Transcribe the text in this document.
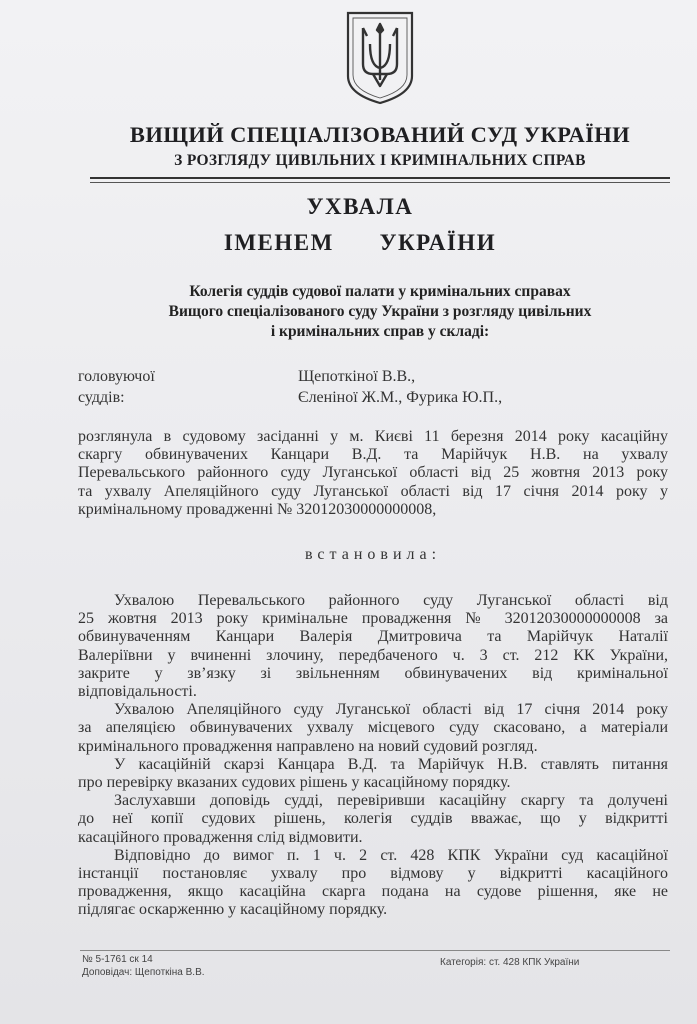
ВИЩИЙ СПЕЦІАЛІЗОВАНИЙ СУД УКРАЇНИ
З РОЗГЛЯДУ ЦИВІЛЬНИХ І КРИМІНАЛЬНИХ СПРАВ
УХВАЛА
ІМЕНЕМ   УКРАЇНИ
Колегія суддів судової палати у кримінальних справах
Вищого спеціалізованого суду України з розгляду цивільних
і кримінальних справ у складі:
головуючої	Щепоткіної В.В.,
суддів:	Єленіної Ж.М., Фурика Ю.П.,
розглянула в судовому засіданні у м. Києві 11 березня 2014 року касаційну
скаргу обвинувачених Канцари В.Д. та Марійчук Н.В. на ухвалу
Перевальського районного суду Луганської області від 25 жовтня 2013 року
та ухвалу Апеляційного суду Луганської області від 17 січня 2014 року у
кримінальному провадженні № 32012030000000008,
встановила:
Ухвалою Перевальського районного суду Луганської області від
25 жовтня 2013 року кримінальне провадження № 32012030000000008 за
обвинуваченням Канцари Валерія Дмитровича та Марійчук Наталії
Валеріївни у вчиненні злочину, передбаченого ч. 3 ст. 212 КК України,
закрите у зв’язку зі звільненням обвинувачених від кримінальної
відповідальності.
Ухвалою Апеляційного суду Луганської області від 17 січня 2014 року
за апеляцією обвинувачених ухвалу місцевого суду скасовано, а матеріали
кримінального провадження направлено на новий судовий розгляд.
У касаційній скарзі Канцара В.Д. та Марійчук Н.В. ставлять питання
про перевірку вказаних судових рішень у касаційному порядку.
Заслухавши доповідь судді, перевіривши касаційну скаргу та долучені
до неї копії судових рішень, колегія суддів вважає, що у відкритті
касаційного провадження слід відмовити.
Відповідно до вимог п. 1 ч. 2 ст. 428 КПК України суд касаційної
інстанції постановляє ухвалу про відмову у відкритті касаційного
провадження, якщо касаційна скарга подана на судове рішення, яке не
підлягає оскарженню у касаційному порядку.
№ 5-1761 ск 14
Доповідач: Щепоткіна В.В.
Категорія: ст. 428 КПК України
